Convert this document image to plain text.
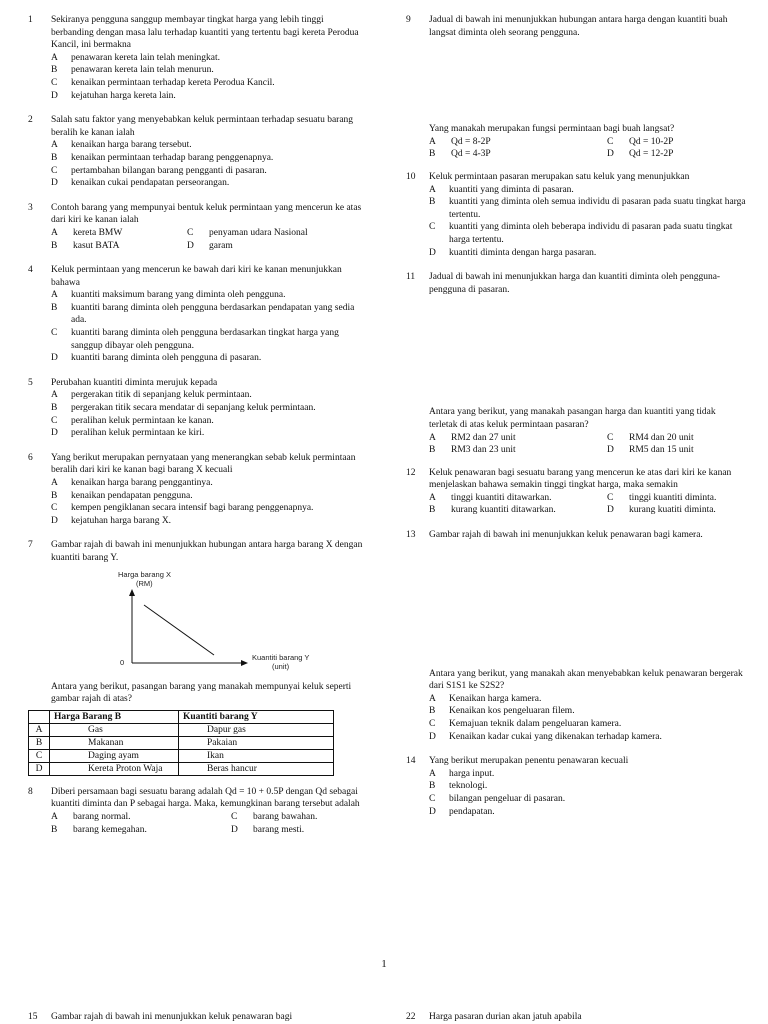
1 Sekiranya pengguna sanggup membayar tingkat harga yang lebih tinggi berbanding dengan masa lalu terhadap kuantiti yang tertentu bagi kereta Perodua Kancil, ini bermakna
A penawaran kereta lain telah meningkat.
B penawaran kereta lain telah menurun.
C kenaikan permintaan terhadap kereta Perodua Kancil.
D kejatuhan harga kereta lain.
2 Salah satu faktor yang menyebabkan keluk permintaan terhadap sesuatu barang beralih ke kanan ialah
A kenaikan harga barang tersebut.
B kenaikan permintaan terhadap barang penggenapnya.
C pertambahan bilangan barang pengganti di pasaran.
D kenaikan cukai pendapatan perseorangan.
3 Contoh barang yang mempunyai bentuk keluk permintaan yang mencerun ke atas dari kiri ke kanan ialah
A kereta BMW	C penyaman udara Nasional
B kasut BATA	D garam
4 Keluk permintaan yang mencerun ke bawah dari kiri ke kanan menunjukkan bahawa
A kuantiti maksimum barang yang diminta oleh pengguna.
B kuantiti barang diminta oleh pengguna berdasarkan pendapatan yang sedia ada.
C kuantiti barang diminta oleh pengguna berdasarkan tingkat harga yang sanggup dibayar oleh pengguna.
D kuantiti barang diminta oleh pengguna di pasaran.
5 Perubahan kuantiti diminta merujuk kepada
A pergerakan titik di sepanjang keluk permintaan.
B pergerakan titik secara mendatar di sepanjang keluk permintaan.
C peralihan keluk permintaan ke kanan.
D peralihan keluk permintaan ke kiri.
6 Yang berikut merupakan pernyataan yang menerangkan sebab keluk permintaan beralih dari kiri ke kanan bagi barang X kecuali
A kenaikan harga barang penggantinya.
B kenaikan pendapatan pengguna.
C kempen pengiklanan secara intensif bagi barang penggenapnya.
D kejatuhan harga barang X.
7 Gambar rajah di bawah ini menunjukkan hubungan antara harga barang X dengan kuantiti barang Y.
Harga barang X
(RM)
0
Kuantiti barang Y
(unit)
Antara yang berikut, pasangan barang yang manakah mempunyai keluk seperti gambar rajah di atas?
	Harga Barang B	Kuantiti barang Y
A	Gas	Dapur gas
B	Makanan	Pakaian
C	Daging ayam	Ikan
D	Kereta Proton Waja	Beras hancur
8 Diberi persamaan bagi sesuatu barang adalah Qd = 10 + 0.5P dengan Qd sebagai kuantiti diminta dan P sebagai harga. Maka, kemungkinan barang tersebut adalah
A barang normal.	C barang bawahan.
B barang kemegahan.	D barang mesti.
9 Jadual di bawah ini menunjukkan hubungan antara harga dengan kuantiti buah langsat diminta oleh seorang pengguna.
Yang manakah merupakan fungsi permintaan bagi buah langsat?
A Qd = 8-2P	C Qd = 10-2P
B Qd = 4-3P	D Qd = 12-2P
10 Keluk permintaan pasaran merupakan satu keluk yang menunjukkan
A kuantiti yang diminta di pasaran.
B kuantiti yang diminta oleh semua individu di pasaran pada suatu tingkat harga tertentu.
C kuantiti yang diminta oleh beberapa individu di pasaran pada suatu tingkat harga tertentu.
D kuantiti diminta dengan harga pasaran.
11 Jadual di bawah ini menunjukkan harga dan kuantiti diminta oleh pengguna- pengguna di pasaran.
Antara yang berikut, yang manakah pasangan harga dan kuantiti yang tidak terletak di atas keluk permintaan pasaran?
A RM2 dan 27 unit	C RM4 dan 20 unit
B RM3 dan 23 unit	D RM5 dan 15 unit
12 Keluk penawaran bagi sesuatu barang yang mencerun ke atas dari kiri ke kanan menjelaskan bahawa semakin tinggi tingkat harga, maka semakin
A tinggi kuantiti ditawarkan.	C tinggi kuantiti diminta.
B kurang kuantiti ditawarkan.	D kurang kuatiti diminta.
13 Gambar rajah di bawah ini menunjukkan keluk penawaran bagi kamera.
Antara yang berikut, yang manakah akan menyebabkan keluk penawaran bergerak dari S1S1 ke S2S2?
A Kenaikan harga kamera.
B Kenaikan kos pengeluaran filem.
C Kemajuan teknik dalam pengeluaran kamera.
D Kenaikan kadar cukai yang dikenakan terhadap kamera.
14 Yang berikut merupakan penentu penawaran kecuali
A harga input.
B teknologi.
C bilangan pengeluar di pasaran.
D pendapatan.
1
15 Gambar rajah di bawah ini menunjukkan keluk penawaran bagi	22 Harga pasaran durian akan jatuh apabila
